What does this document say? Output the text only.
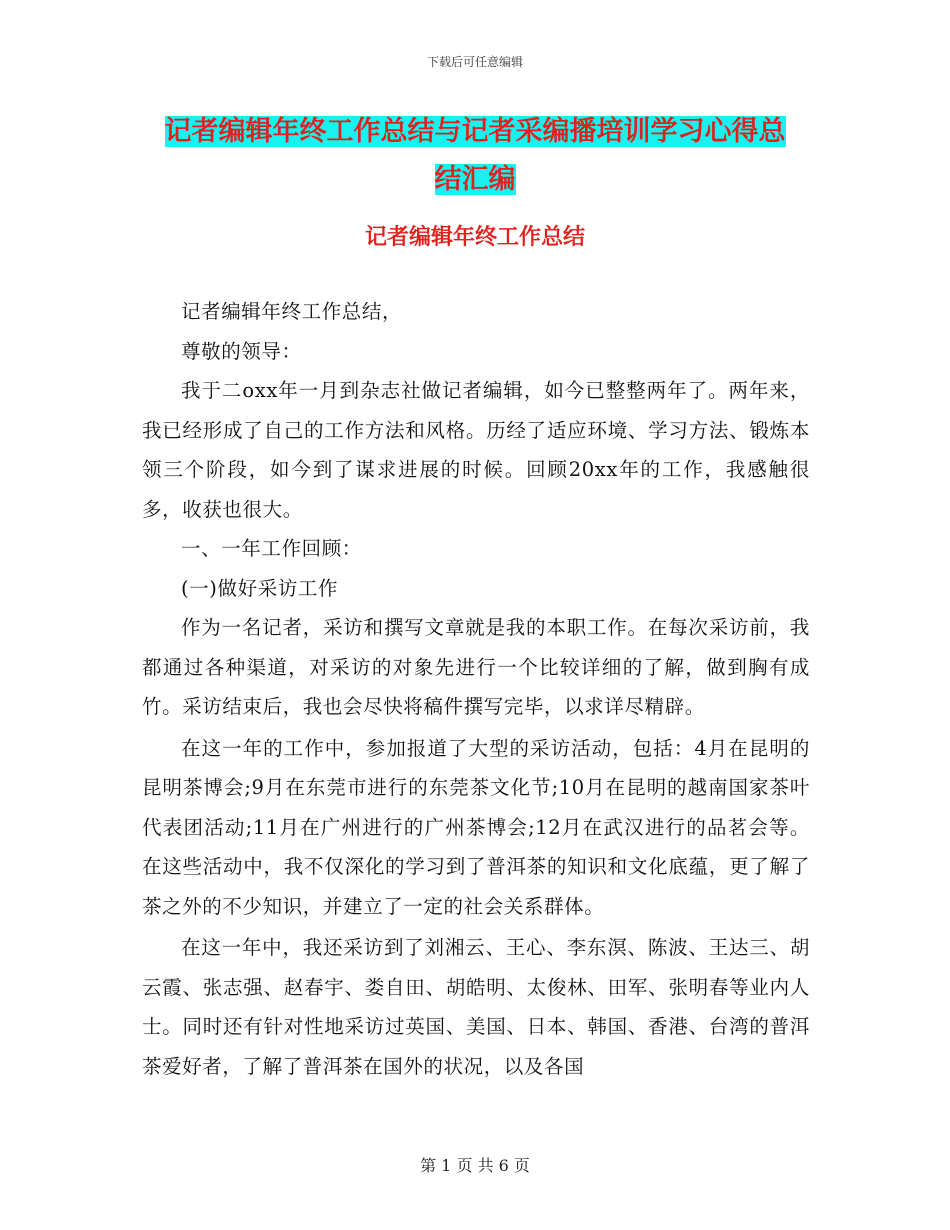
下载后可任意编辑
记者编辑年终工作总结与记者采编播培训学习心得总
结汇编
记者编辑年终工作总结

记者编辑年终工作总结，

尊敬的领导：

我于二oxx年一月到杂志社做记者编辑，如今已整整两年了。两年来，我已经形成了自己的工作方法和风格。历经了适应环境、学习方法、锻炼本领三个阶段，如今到了谋求进展的时候。回顾20xx年的工作，我感触很多，收获也很大。

一、一年工作回顾：

(一)做好采访工作

作为一名记者，采访和撰写文章就是我的本职工作。在每次采访前，我都通过各种渠道，对采访的对象先进行一个比较详细的了解，做到胸有成竹。采访结束后，我也会尽快将稿件撰写完毕，以求详尽精辟。

在这一年的工作中，参加报道了大型的采访活动，包括：4月在昆明的昆明茶博会;9月在东莞市进行的东莞茶文化节;10月在昆明的越南国家茶叶代表团活动;11月在广州进行的广州茶博会;12月在武汉进行的品茗会等。在这些活动中，我不仅深化的学习到了普洱茶的知识和文化底蕴，更了解了茶之外的不少知识，并建立了一定的社会关系群体。

在这一年中，我还采访到了刘湘云、王心、李东溟、陈波、王达三、胡云霞、张志强、赵春宇、娄自田、胡皓明、太俊林、田军、张明春等业内人士。同时还有针对性地采访过英国、美国、日本、韩国、香港、台湾的普洱茶爱好者，了解了普洱茶在国外的状况，以及各国

第 1 页 共 6 页
